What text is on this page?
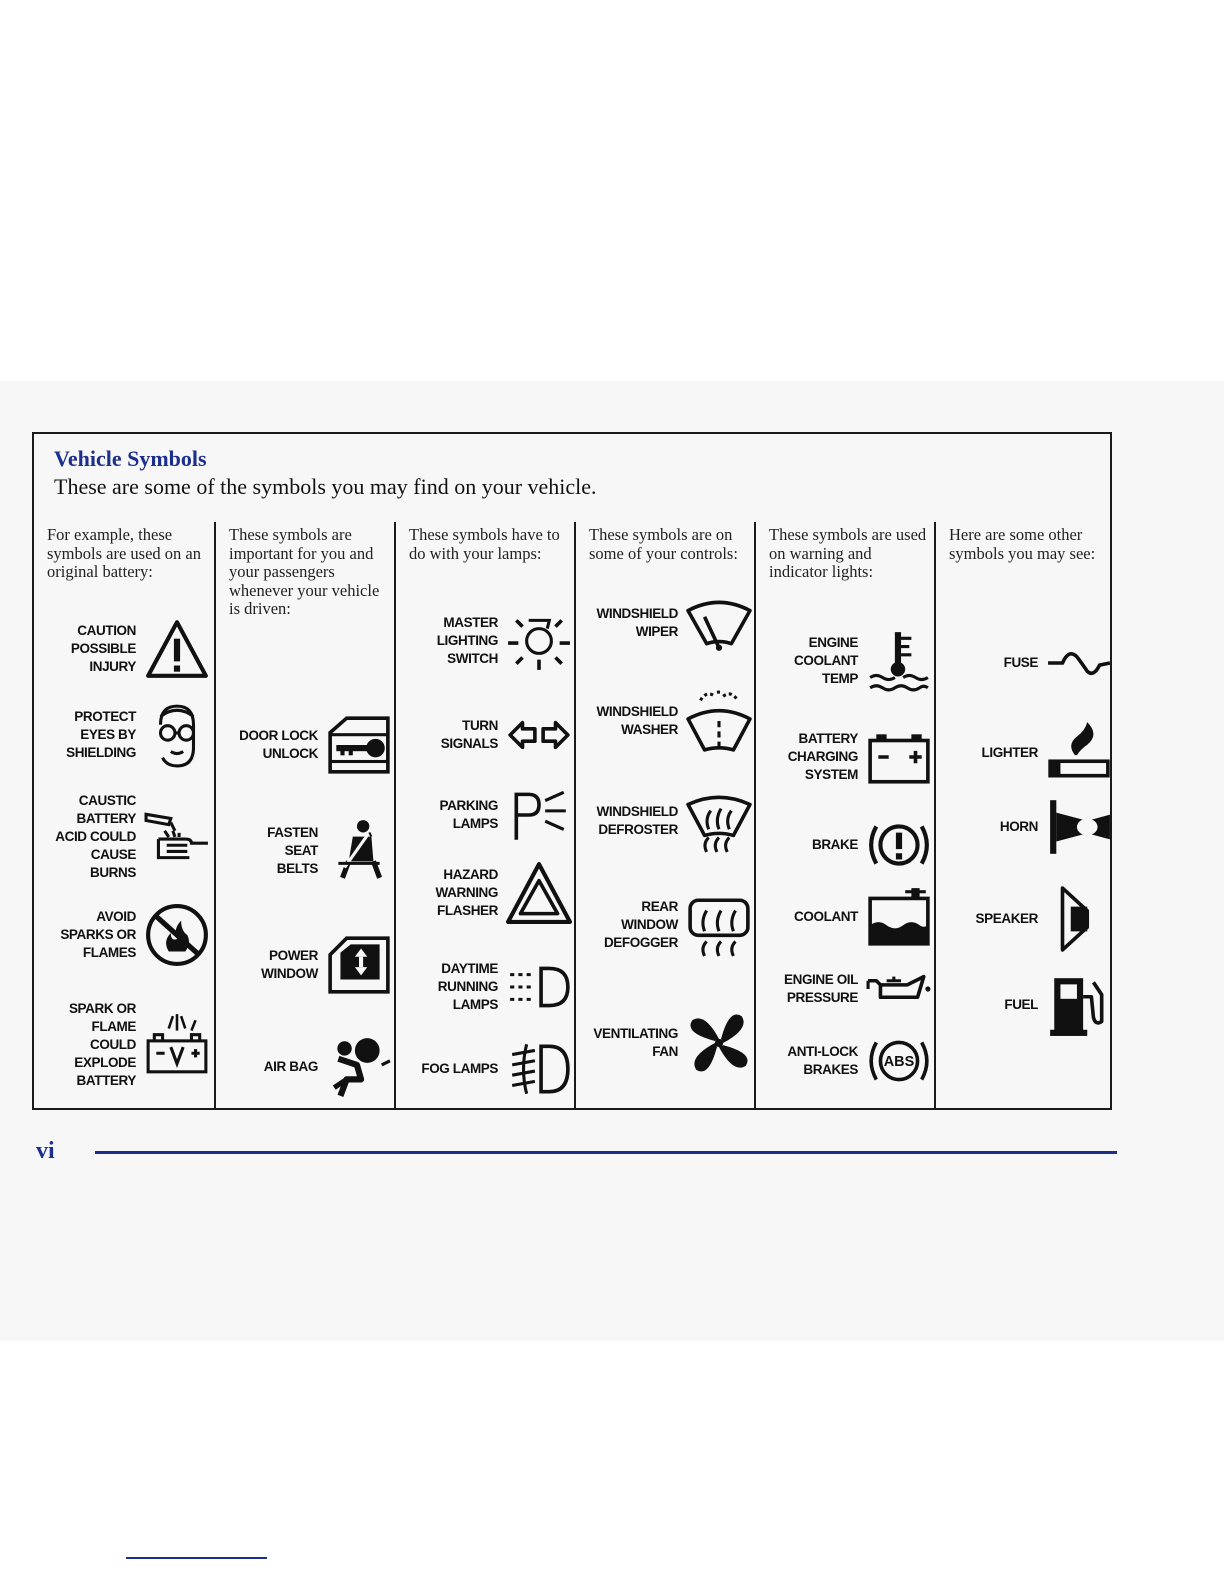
Vehicle Symbols
These are some of the symbols you may find on your vehicle.
For example, these symbols are used on an original battery:
CAUTION
POSSIBLE
INJURY
PROTECT
EYES BY
SHIELDING
CAUSTIC
BATTERY
ACID COULD
CAUSE
BURNS
AVOID
SPARKS OR
FLAMES
SPARK OR
FLAME
COULD
EXPLODE
BATTERY
These symbols are important for you and your passengers whenever your vehicle is driven:
DOOR LOCK
UNLOCK
FASTEN
SEAT
BELTS
POWER
WINDOW
AIR BAG
These symbols have to do with your lamps:
MASTER
LIGHTING
SWITCH
TURN
SIGNALS
PARKING
LAMPS
HAZARD
WARNING
FLASHER
DAYTIME
RUNNING
LAMPS
FOG LAMPS
These symbols are on some of your controls:
WINDSHIELD
WIPER
WINDSHIELD
WASHER
WINDSHIELD
DEFROSTER
REAR
WINDOW
DEFOGGER
VENTILATING
FAN
These symbols are used on warning and indicator lights:
ENGINE
COOLANT
TEMP
BATTERY
CHARGING
SYSTEM
BRAKE
COOLANT
ENGINE OIL
PRESSURE
ANTI-LOCK
BRAKES ABS
Here are some other symbols you may see:
FUSE
LIGHTER
HORN
SPEAKER
FUEL
vi
